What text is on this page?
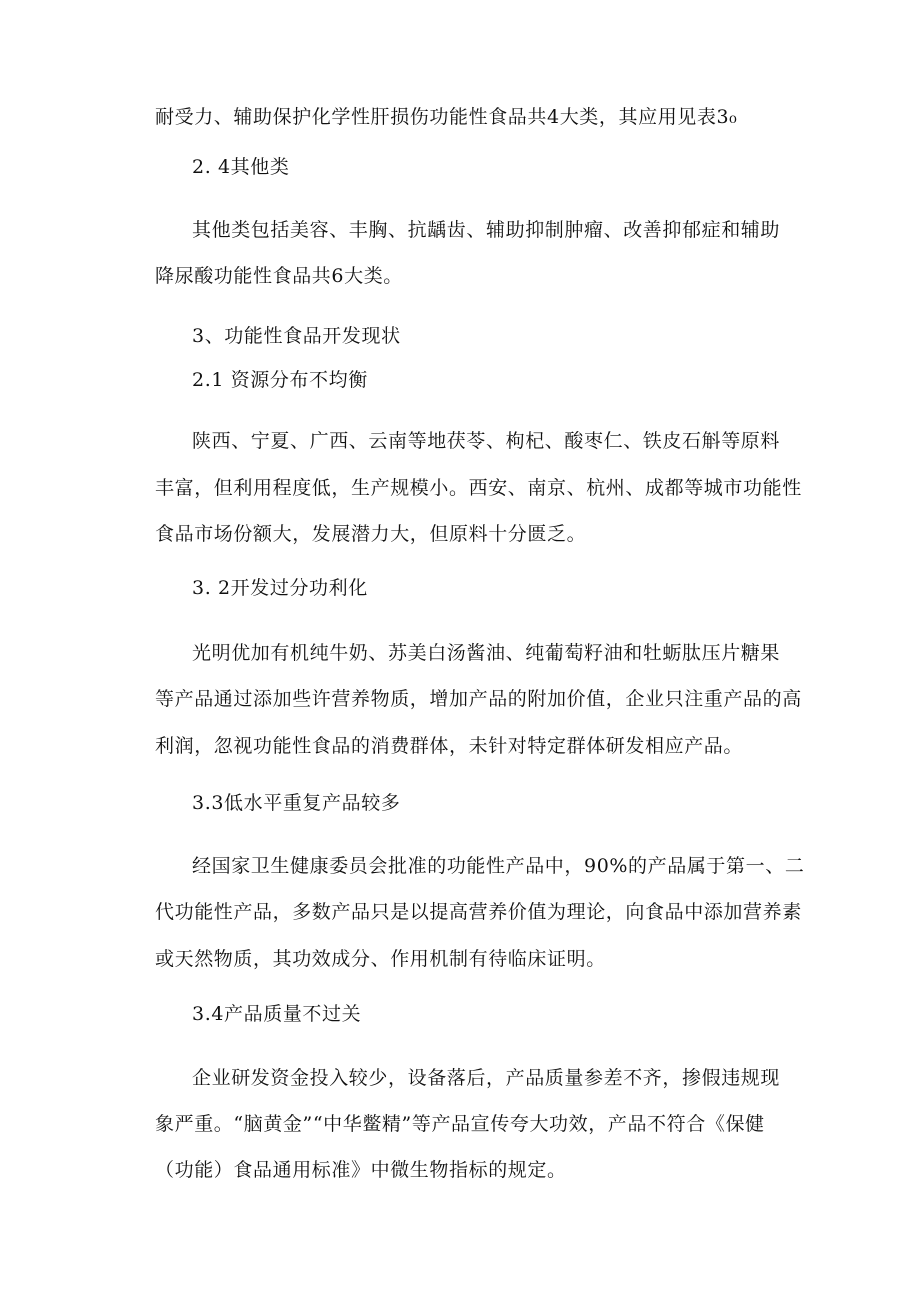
耐受力、辅助保护化学性肝损伤功能性食品共4大类，其应用见表3₀
2. 4其他类
其他类包括美容、丰胸、抗龋齿、辅助抑制肿瘤、改善抑郁症和辅助
降尿酸功能性食品共6大类。
3、功能性食品开发现状
2.1 资源分布不均衡
陕西、宁夏、广西、云南等地茯苓、枸杞、酸枣仁、铁皮石斛等原料
丰富，但利用程度低，生产规模小。西安、南京、杭州、成都等城市功能性
食品市场份额大，发展潜力大，但原料十分匮乏。
3. 2开发过分功利化
光明优加有机纯牛奶、苏美白汤酱油、纯葡萄籽油和牡蛎肽压片糖果
等产品通过添加些许营养物质，增加产品的附加价值，企业只注重产品的高
利润，忽视功能性食品的消费群体，未针对特定群体研发相应产品。
3.3低水平重复产品较多
经国家卫生健康委员会批准的功能性产品中，90%的产品属于第一、二
代功能性产品，多数产品只是以提高营养价值为理论，向食品中添加营养素
或天然物质，其功效成分、作用机制有待临床证明。
3.4产品质量不过关
企业研发资金投入较少，设备落后，产品质量参差不齐，掺假违规现
象严重。“脑黄金”“中华鳖精”等产品宣传夸大功效，产品不符合《保健
（功能）食品通用标准》中微生物指标的规定。
